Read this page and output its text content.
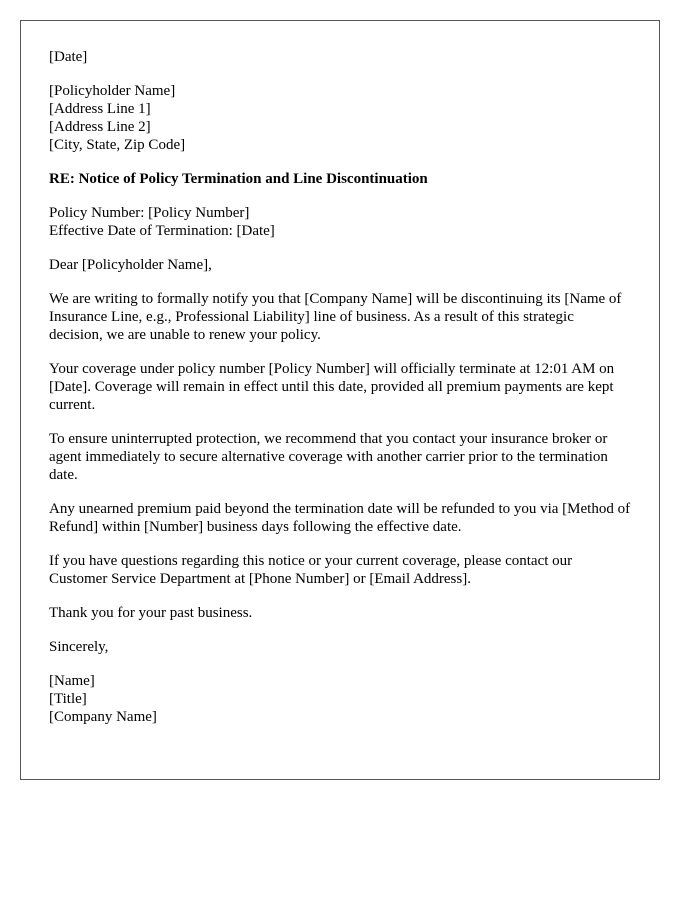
[Date]
[Policyholder Name]
[Address Line 1]
[Address Line 2]
[City, State, Zip Code]
RE: Notice of Policy Termination and Line Discontinuation
Policy Number: [Policy Number]
Effective Date of Termination: [Date]

Dear [Policyholder Name],

We are writing to formally notify you that [Company Name] will be discontinuing its [Name of Insurance Line, e.g., Professional Liability] line of business. As a result of this strategic decision, we are unable to renew your policy.

Your coverage under policy number [Policy Number] will officially terminate at 12:01 AM on [Date]. Coverage will remain in effect until this date, provided all premium payments are kept current.

To ensure uninterrupted protection, we recommend that you contact your insurance broker or agent immediately to secure alternative coverage with another carrier prior to the termination date.

Any unearned premium paid beyond the termination date will be refunded to you via [Method of Refund] within [Number] business days following the effective date.

If you have questions regarding this notice or your current coverage, please contact our Customer Service Department at [Phone Number] or [Email Address].

Thank you for your past business.

Sincerely,

[Name]
[Title]
[Company Name]
